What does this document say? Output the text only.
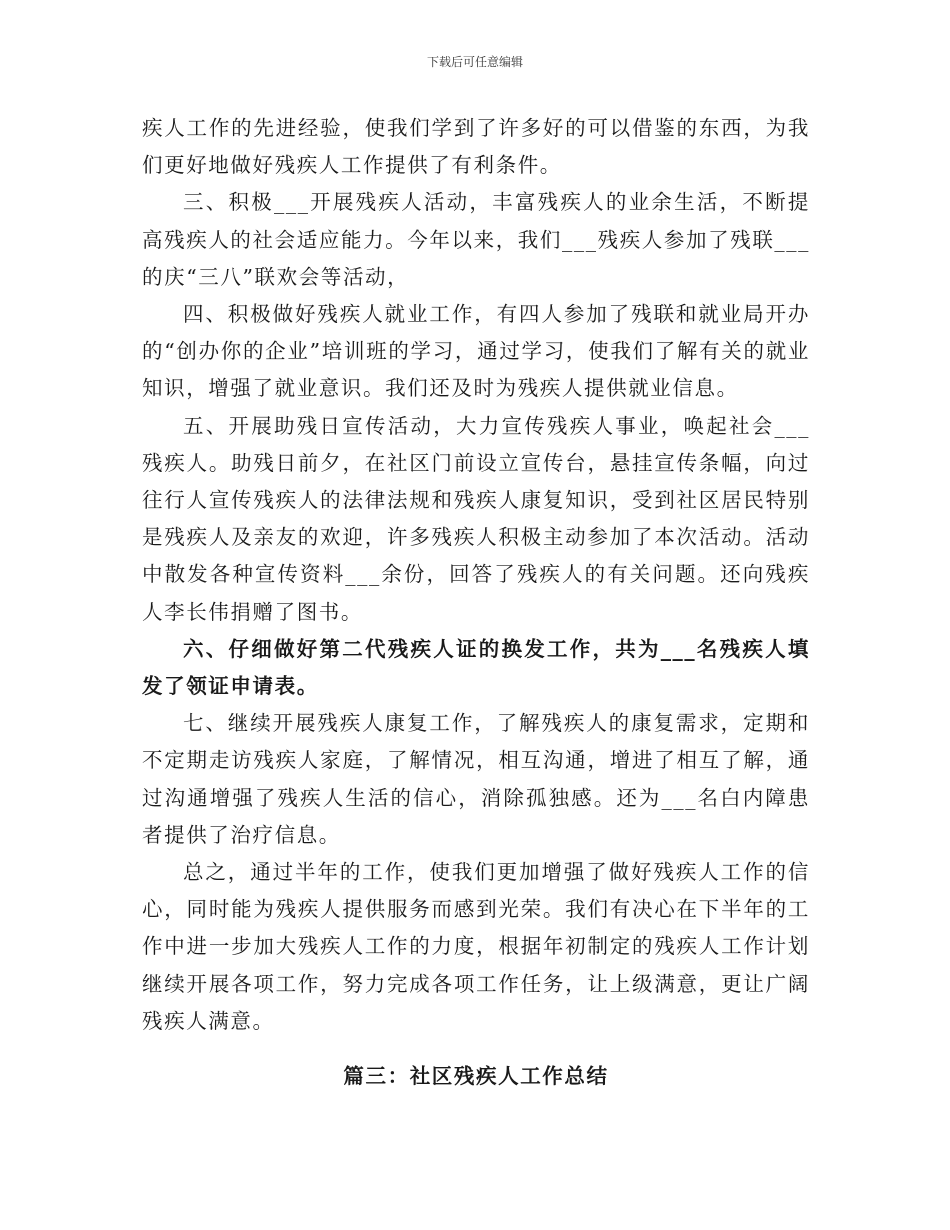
下载后可任意编辑

疾人工作的先进经验，使我们学到了许多好的可以借鉴的东西，为我们更好地做好残疾人工作提供了有利条件。

三、积极___开展残疾人活动，丰富残疾人的业余生活，不断提高残疾人的社会适应能力。今年以来，我们___残疾人参加了残联___的庆“三八”联欢会等活动，

四、积极做好残疾人就业工作，有四人参加了残联和就业局开办的“创办你的企业”培训班的学习，通过学习，使我们了解有关的就业知识，增强了就业意识。我们还及时为残疾人提供就业信息。

五、开展助残日宣传活动，大力宣传残疾人事业，唤起社会___残疾人。助残日前夕，在社区门前设立宣传台，悬挂宣传条幅，向过往行人宣传残疾人的法律法规和残疾人康复知识，受到社区居民特别是残疾人及亲友的欢迎，许多残疾人积极主动参加了本次活动。活动中散发各种宣传资料___余份，回答了残疾人的有关问题。还向残疾人李长伟捐赠了图书。

六、仔细做好第二代残疾人证的换发工作，共为___名残疾人填发了领证申请表。

七、继续开展残疾人康复工作，了解残疾人的康复需求，定期和不定期走访残疾人家庭，了解情况，相互沟通，增进了相互了解，通过沟通增强了残疾人生活的信心，消除孤独感。还为___名白内障患者提供了治疗信息。

总之，通过半年的工作，使我们更加增强了做好残疾人工作的信心，同时能为残疾人提供服务而感到光荣。我们有决心在下半年的工作中进一步加大残疾人工作的力度，根据年初制定的残疾人工作计划继续开展各项工作，努力完成各项工作任务，让上级满意，更让广阔残疾人满意。

篇三：社区残疾人工作总结
